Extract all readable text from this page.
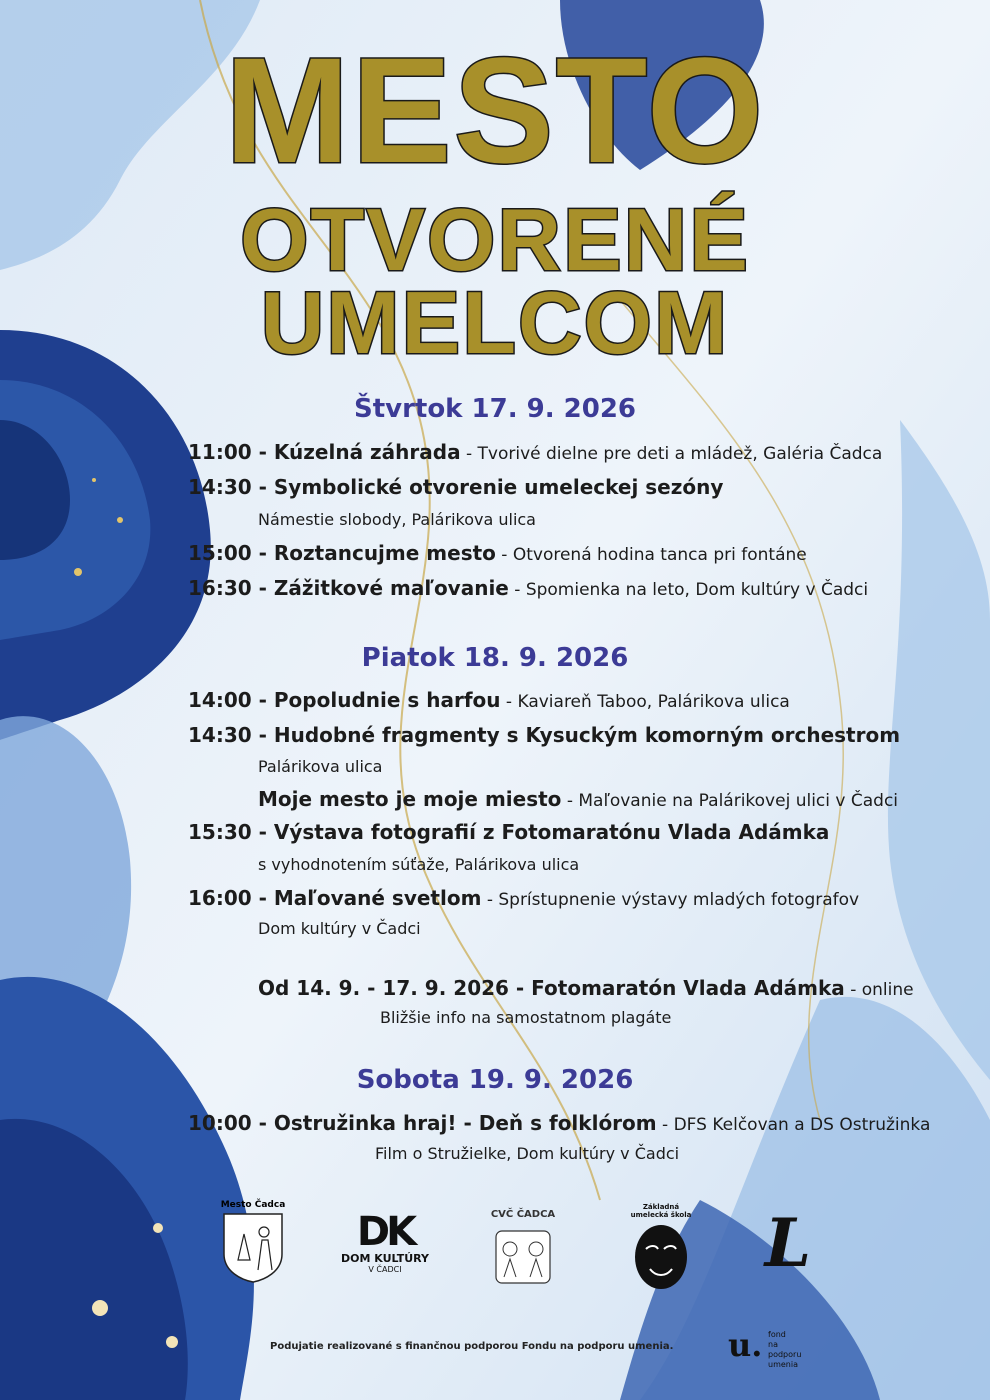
MESTO
OTVORENÉ
UMELCOM
Štvrtok 17. 9. 2026
11:00 - Kúzelná záhrada - Tvorivé dielne pre deti a mládež, Galéria Čadca
14:30 - Symbolické otvorenie umeleckej sezóny
Námestie slobody, Palárikova ulica
15:00 - Roztancujme mesto - Otvorená hodina tanca pri fontáne
16:30 - Zážitkové maľovanie - Spomienka na leto, Dom kultúry v Čadci
Piatok 18. 9. 2026
14:00 - Popoludnie s harfou - Kaviareň Taboo, Palárikova ulica
14:30 - Hudobné fragmenty s Kysuckým komorným orchestrom
Palárikova ulica
Moje mesto je moje miesto - Maľovanie na Palárikovej ulici v Čadci
15:30 - Výstava fotografií z Fotomaratónu Vlada Adámka
s vyhodnotením súťaže, Palárikova ulica
16:00 - Maľované svetlom - Sprístupnenie výstavy mladých fotografov
Dom kultúry v Čadci
Od 14. 9. - 17. 9. 2026 - Fotomaratón Vlada Adámka - online
Bližšie info na samostatnom plagáte
Sobota 19. 9. 2026
10:00 - Ostružinka hraj! - Deň s folklórom - DFS Kelčovan a DS Ostružinka
Film o Stružielke, Dom kultúry v Čadci
Mesto Čadca
DK
DOM KULTÚRY
V ČADCI
CVČ ČADCA
Základná umelecká škola L
Podujatie realizované s finančnou podporou Fondu na podporu umenia. u. fond
na podporu
umenia
